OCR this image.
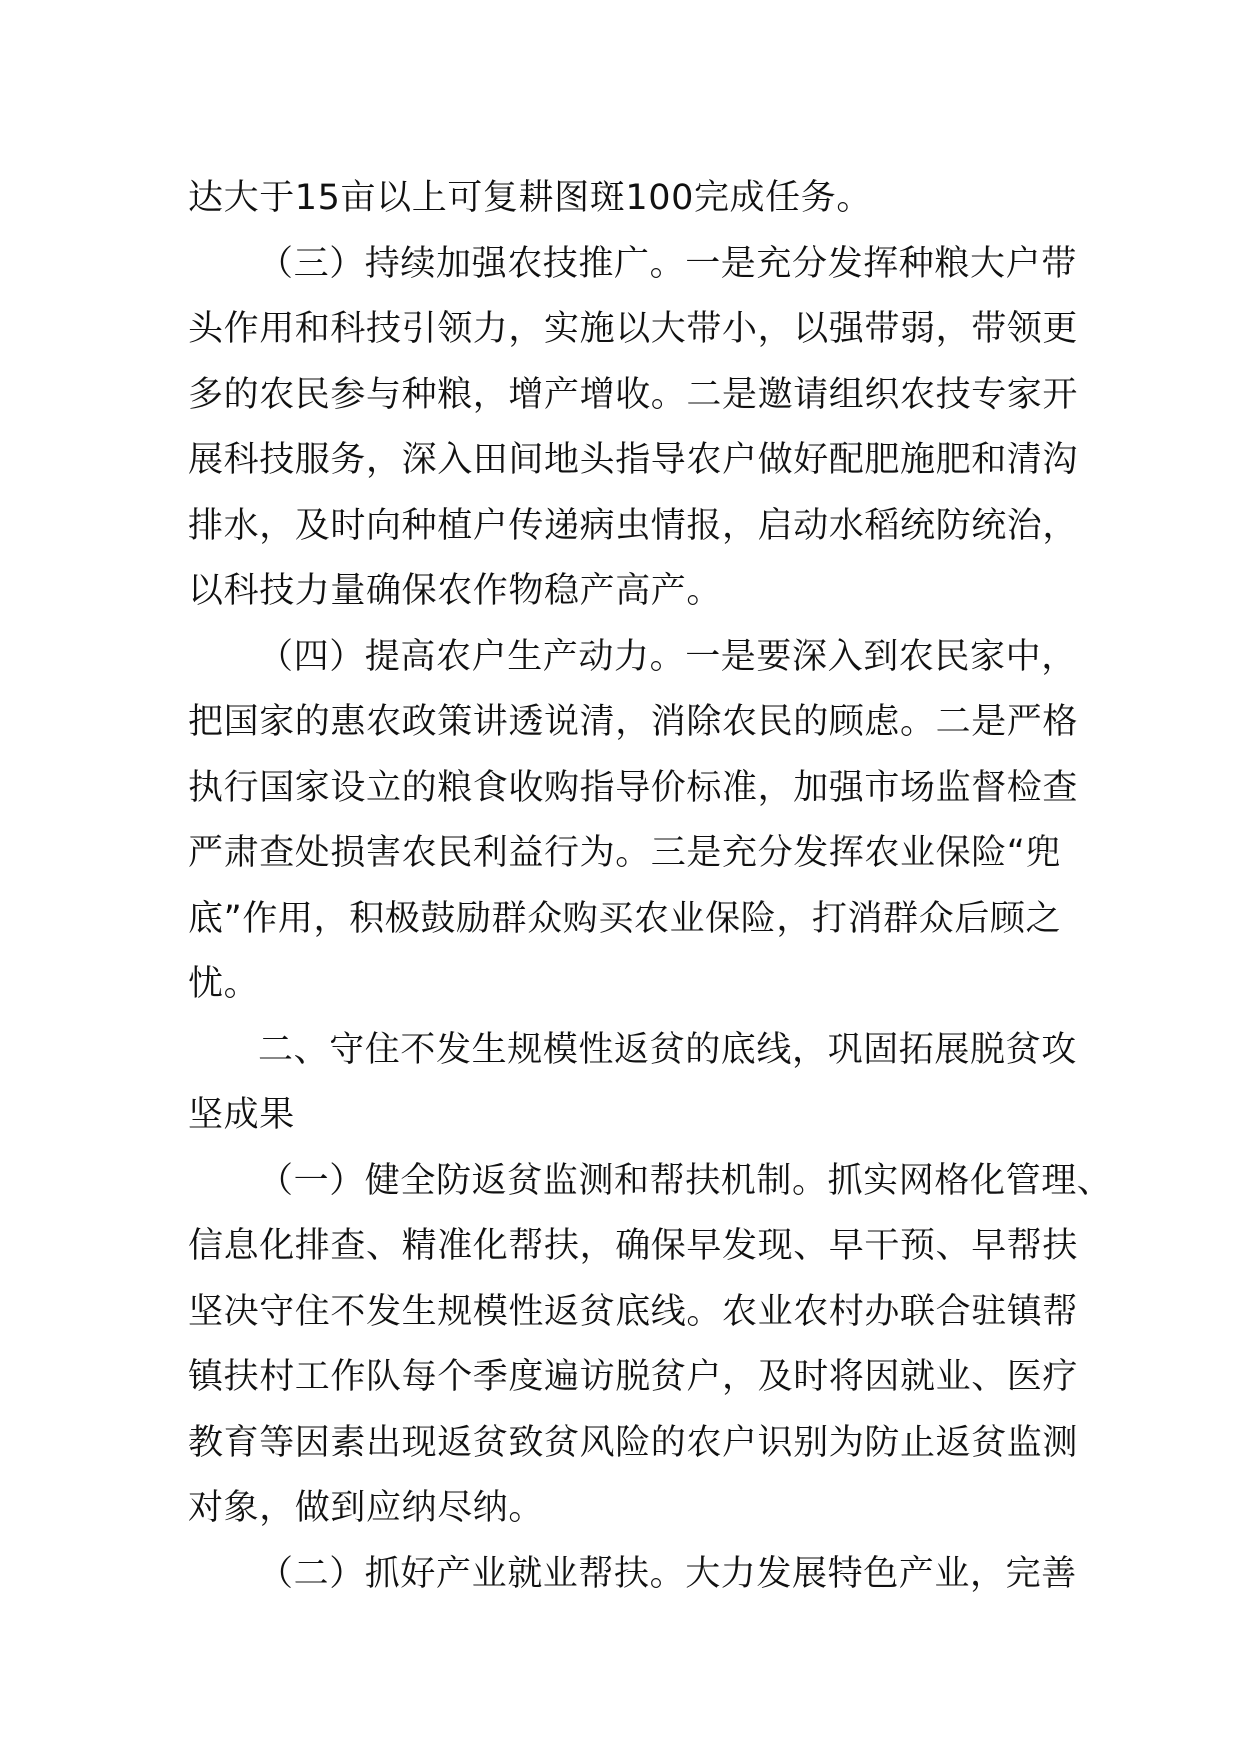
达大于15亩以上可复耕图斑100完成任务。
（三）持续加强农技推广。一是充分发挥种粮大户带
头作用和科技引领力，实施以大带小，以强带弱，带领更
多的农民参与种粮，增产增收。二是邀请组织农技专家开
展科技服务，深入田间地头指导农户做好配肥施肥和清沟
排水，及时向种植户传递病虫情报，启动水稻统防统治，
以科技力量确保农作物稳产高产。
（四）提高农户生产动力。一是要深入到农民家中，
把国家的惠农政策讲透说清，消除农民的顾虑。二是严格
执行国家设立的粮食收购指导价标准，加强市场监督检查
严肃查处损害农民利益行为。三是充分发挥农业保险“兜
底”作用，积极鼓励群众购买农业保险，打消群众后顾之
忧。
二、守住不发生规模性返贫的底线，巩固拓展脱贫攻
坚成果
（一）健全防返贫监测和帮扶机制。抓实网格化管理、
信息化排查、精准化帮扶，确保早发现、早干预、早帮扶
坚决守住不发生规模性返贫底线。农业农村办联合驻镇帮
镇扶村工作队每个季度遍访脱贫户，及时将因就业、医疗
教育等因素出现返贫致贫风险的农户识别为防止返贫监测
对象，做到应纳尽纳。
（二）抓好产业就业帮扶。大力发展特色产业，完善
